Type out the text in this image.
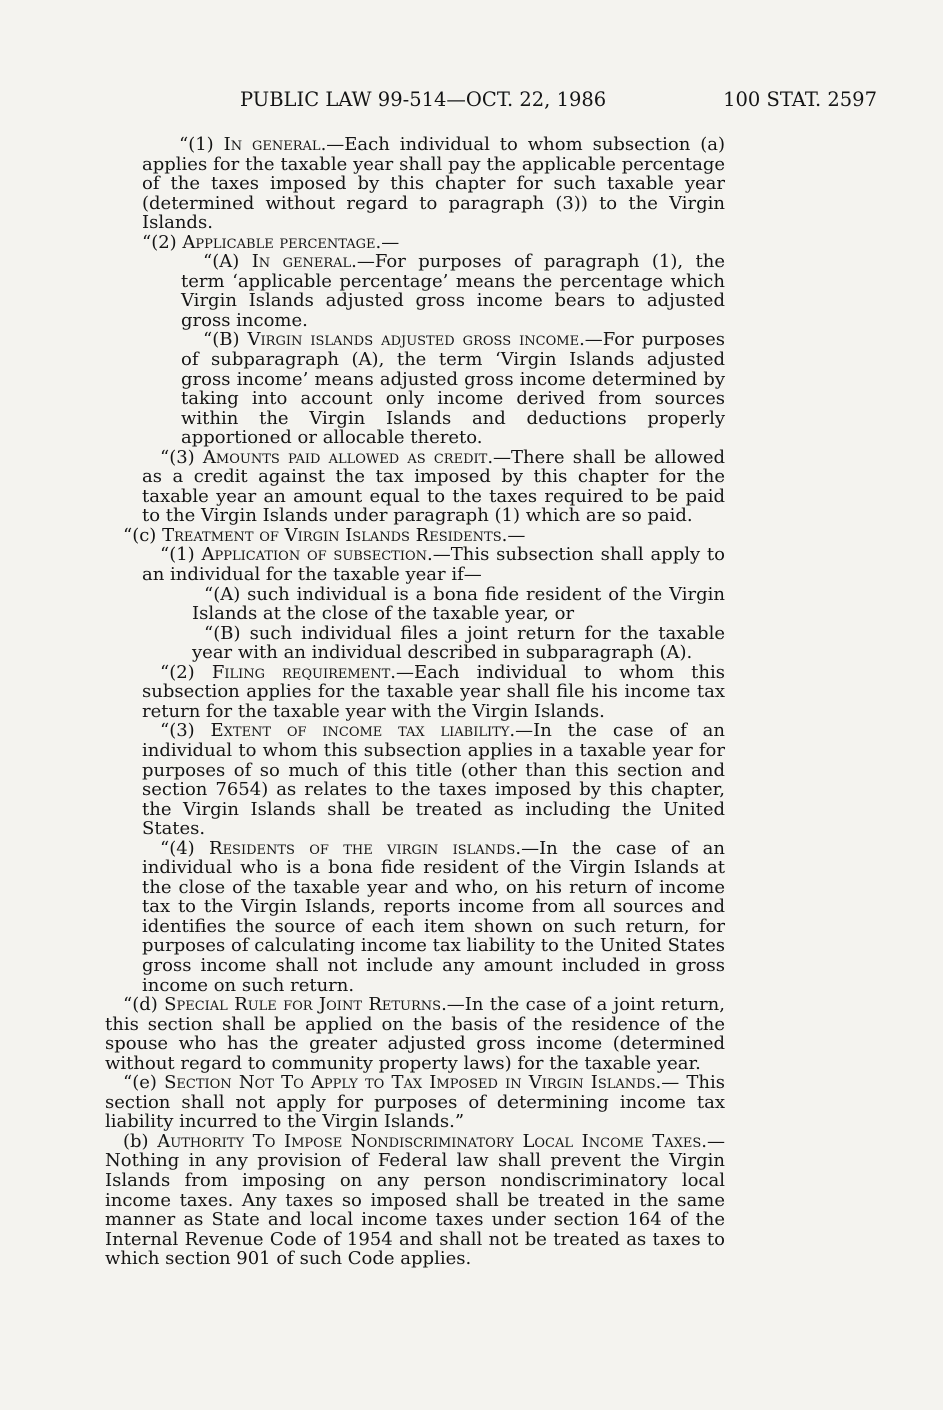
PUBLIC LAW 99-514—OCT. 22, 1986	100 STAT. 2597

“(1) In general.—Each individual to whom subsection (a) applies for the taxable year shall pay the applicable percentage of the taxes imposed by this chapter for such taxable year (determined without regard to paragraph (3)) to the Virgin Islands.

“(2) Applicable percentage.—

“(A) In general.—For purposes of paragraph (1), the term ‘applicable percentage’ means the percentage which Virgin Islands adjusted gross income bears to adjusted gross income.

“(B) Virgin islands adjusted gross income.—For purposes of subparagraph (A), the term ‘Virgin Islands adjusted gross income’ means adjusted gross income determined by taking into account only income derived from sources within the Virgin Islands and deductions properly apportioned or allocable thereto.

“(3) Amounts paid allowed as credit.—There shall be allowed as a credit against the tax imposed by this chapter for the taxable year an amount equal to the taxes required to be paid to the Virgin Islands under paragraph (1) which are so paid.

“(c) Treatment of Virgin Islands Residents.—

“(1) Application of subsection.—This subsection shall apply to an individual for the taxable year if—

“(A) such individual is a bona fide resident of the Virgin Islands at the close of the taxable year, or

“(B) such individual files a joint return for the taxable year with an individual described in subparagraph (A).

“(2) Filing requirement.—Each individual to whom this subsection applies for the taxable year shall file his income tax return for the taxable year with the Virgin Islands.

“(3) Extent of income tax liability.—In the case of an individual to whom this subsection applies in a taxable year for purposes of so much of this title (other than this section and section 7654) as relates to the taxes imposed by this chapter, the Virgin Islands shall be treated as including the United States.

“(4) Residents of the virgin islands.—In the case of an individual who is a bona fide resident of the Virgin Islands at the close of the taxable year and who, on his return of income tax to the Virgin Islands, reports income from all sources and identifies the source of each item shown on such return, for purposes of calculating income tax liability to the United States gross income shall not include any amount included in gross income on such return.

“(d) Special Rule for Joint Returns.—In the case of a joint return, this section shall be applied on the basis of the residence of the spouse who has the greater adjusted gross income (determined without regard to community property laws) for the taxable year.

“(e) Section Not To Apply to Tax Imposed in Virgin Islands.— This section shall not apply for purposes of determining income tax liability incurred to the Virgin Islands.”

(b) Authority To Impose Nondiscriminatory Local Income Taxes.—Nothing in any provision of Federal law shall prevent the Virgin Islands from imposing on any person nondiscriminatory local income taxes. Any taxes so imposed shall be treated in the same manner as State and local income taxes under section 164 of the Internal Revenue Code of 1954 and shall not be treated as taxes to which section 901 of such Code applies.
